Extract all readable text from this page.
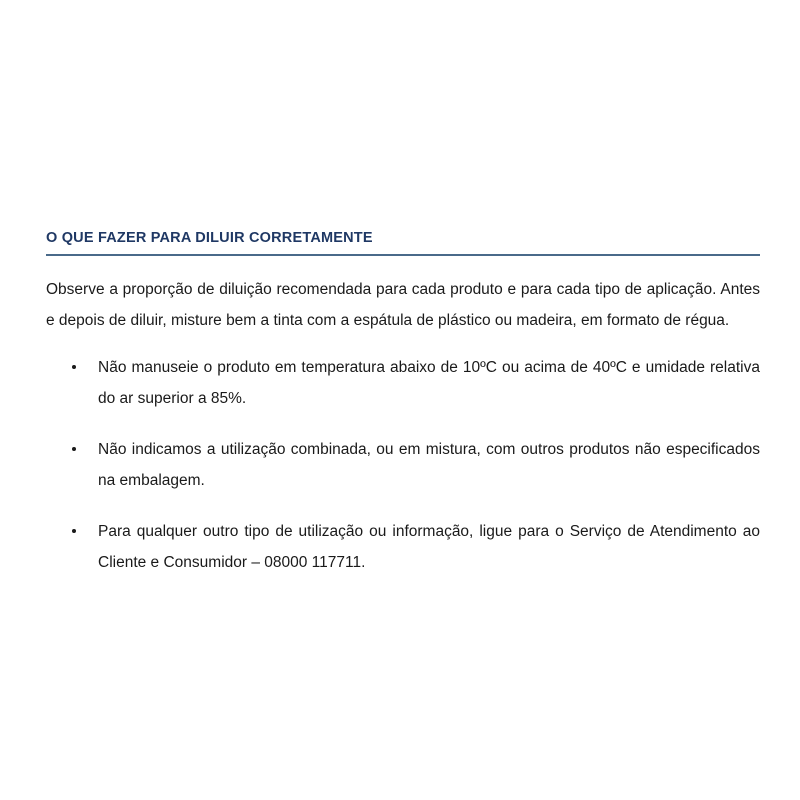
O QUE FAZER PARA DILUIR CORRETAMENTE

Observe a proporção de diluição recomendada para cada produto e para cada tipo de aplicação. Antes e depois de diluir, misture bem a tinta com a espátula de plástico ou madeira, em formato de régua.

Não manuseie o produto em temperatura abaixo de 10ºC ou acima de 40ºC e umidade relativa do ar superior a 85%.
Não indicamos a utilização combinada, ou em mistura, com outros produtos não especificados na embalagem.
Para qualquer outro tipo de utilização ou informação, ligue para o Serviço de Atendimento ao Cliente e Consumidor – 08000 117711.
